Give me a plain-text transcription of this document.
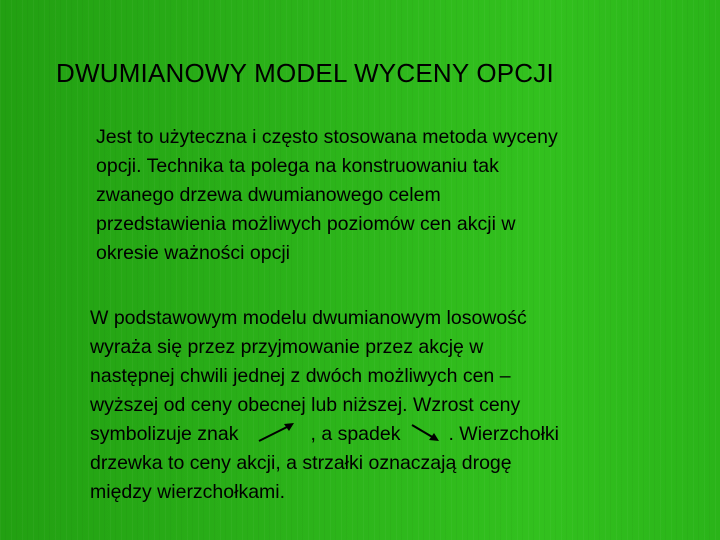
DWUMIANOWY MODEL WYCENY OPCJI
Jest to użyteczna i często stosowana metoda wyceny
opcji. Technika ta polega na konstruowaniu tak
zwanego drzewa dwumianowego celem
przedstawienia możliwych poziomów cen akcji w
okresie ważności opcji
W podstawowym modelu dwumianowym losowość
wyraża się przez przyjmowanie przez akcję w
następnej chwili jednej z dwóch możliwych cen –
wyższej od ceny obecnej lub niższej. Wzrost ceny
symbolizuje znak	, a spadek . Wierzchołki
drzewka to ceny akcji, a strzałki oznaczają drogę
między wierzchołkami.
